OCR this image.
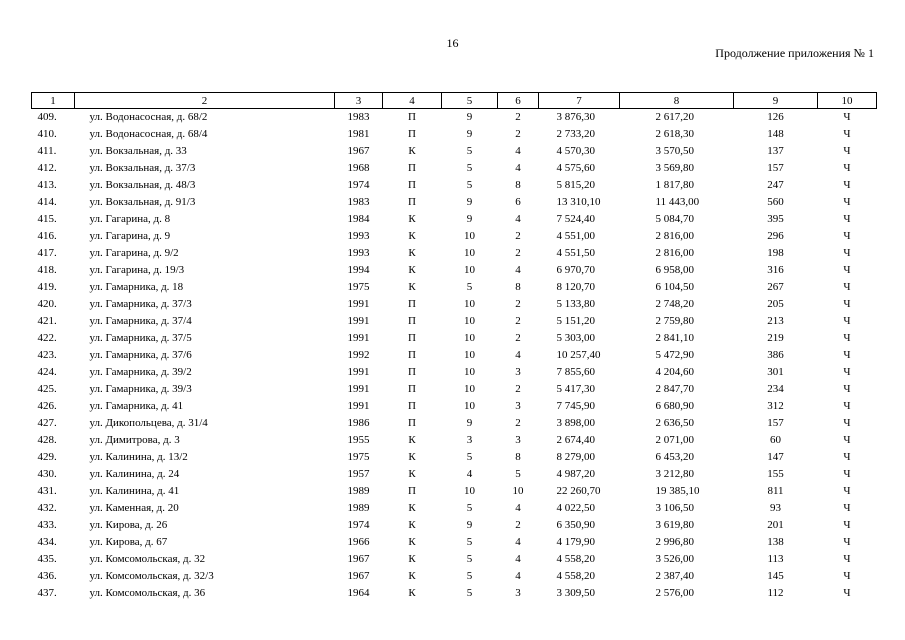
16
Продолжение приложения № 1
1	2	3	4	5	6	7	8	9	10
409.	ул. Водонасосная, д. 68/2	1983	П	9	2	3 876,30	2 617,20	126	Ч
410.	ул. Водонасосная, д. 68/4	1981	П	9	2	2 733,20	2 618,30	148	Ч
411.	ул. Вокзальная, д. 33	1967	К	5	4	4 570,30	3 570,50	137	Ч
412.	ул. Вокзальная, д. 37/3	1968	П	5	4	4 575,60	3 569,80	157	Ч
413.	ул. Вокзальная, д. 48/3	1974	П	5	8	5 815,20	1 817,80	247	Ч
414.	ул. Вокзальная, д. 91/3	1983	П	9	6	13 310,10	11 443,00	560	Ч
415.	ул. Гагарина, д. 8	1984	К	9	4	7 524,40	5 084,70	395	Ч
416.	ул. Гагарина, д. 9	1993	К	10	2	4 551,00	2 816,00	296	Ч
417.	ул. Гагарина, д. 9/2	1993	К	10	2	4 551,50	2 816,00	198	Ч
418.	ул. Гагарина, д. 19/3	1994	К	10	4	6 970,70	6 958,00	316	Ч
419.	ул. Гамарника, д. 18	1975	К	5	8	8 120,70	6 104,50	267	Ч
420.	ул. Гамарника, д. 37/3	1991	П	10	2	5 133,80	2 748,20	205	Ч
421.	ул. Гамарника, д. 37/4	1991	П	10	2	5 151,20	2 759,80	213	Ч
422.	ул. Гамарника, д. 37/5	1991	П	10	2	5 303,00	2 841,10	219	Ч
423.	ул. Гамарника, д. 37/6	1992	П	10	4	10 257,40	5 472,90	386	Ч
424.	ул. Гамарника, д. 39/2	1991	П	10	3	7 855,60	4 204,60	301	Ч
425.	ул. Гамарника, д. 39/3	1991	П	10	2	5 417,30	2 847,70	234	Ч
426.	ул. Гамарника, д. 41	1991	П	10	3	7 745,90	6 680,90	312	Ч
427.	ул. Дикопольцева, д. 31/4	1986	П	9	2	3 898,00	2 636,50	157	Ч
428.	ул. Димитрова, д. 3	1955	К	3	3	2 674,40	2 071,00	60	Ч
429.	ул. Калинина, д. 13/2	1975	К	5	8	8 279,00	6 453,20	147	Ч
430.	ул. Калинина, д. 24	1957	К	4	5	4 987,20	3 212,80	155	Ч
431.	ул. Калинина, д. 41	1989	П	10	10	22 260,70	19 385,10	811	Ч
432.	ул. Каменная, д. 20	1989	К	5	4	4 022,50	3 106,50	93	Ч
433.	ул. Кирова, д. 26	1974	К	9	2	6 350,90	3 619,80	201	Ч
434.	ул. Кирова, д. 67	1966	К	5	4	4 179,90	2 996,80	138	Ч
435.	ул. Комсомольская, д. 32	1967	К	5	4	4 558,20	3 526,00	113	Ч
436.	ул. Комсомольская, д. 32/3	1967	К	5	4	4 558,20	2 387,40	145	Ч
437.	ул. Комсомольская, д. 36	1964	К	5	3	3 309,50	2 576,00	112	Ч
